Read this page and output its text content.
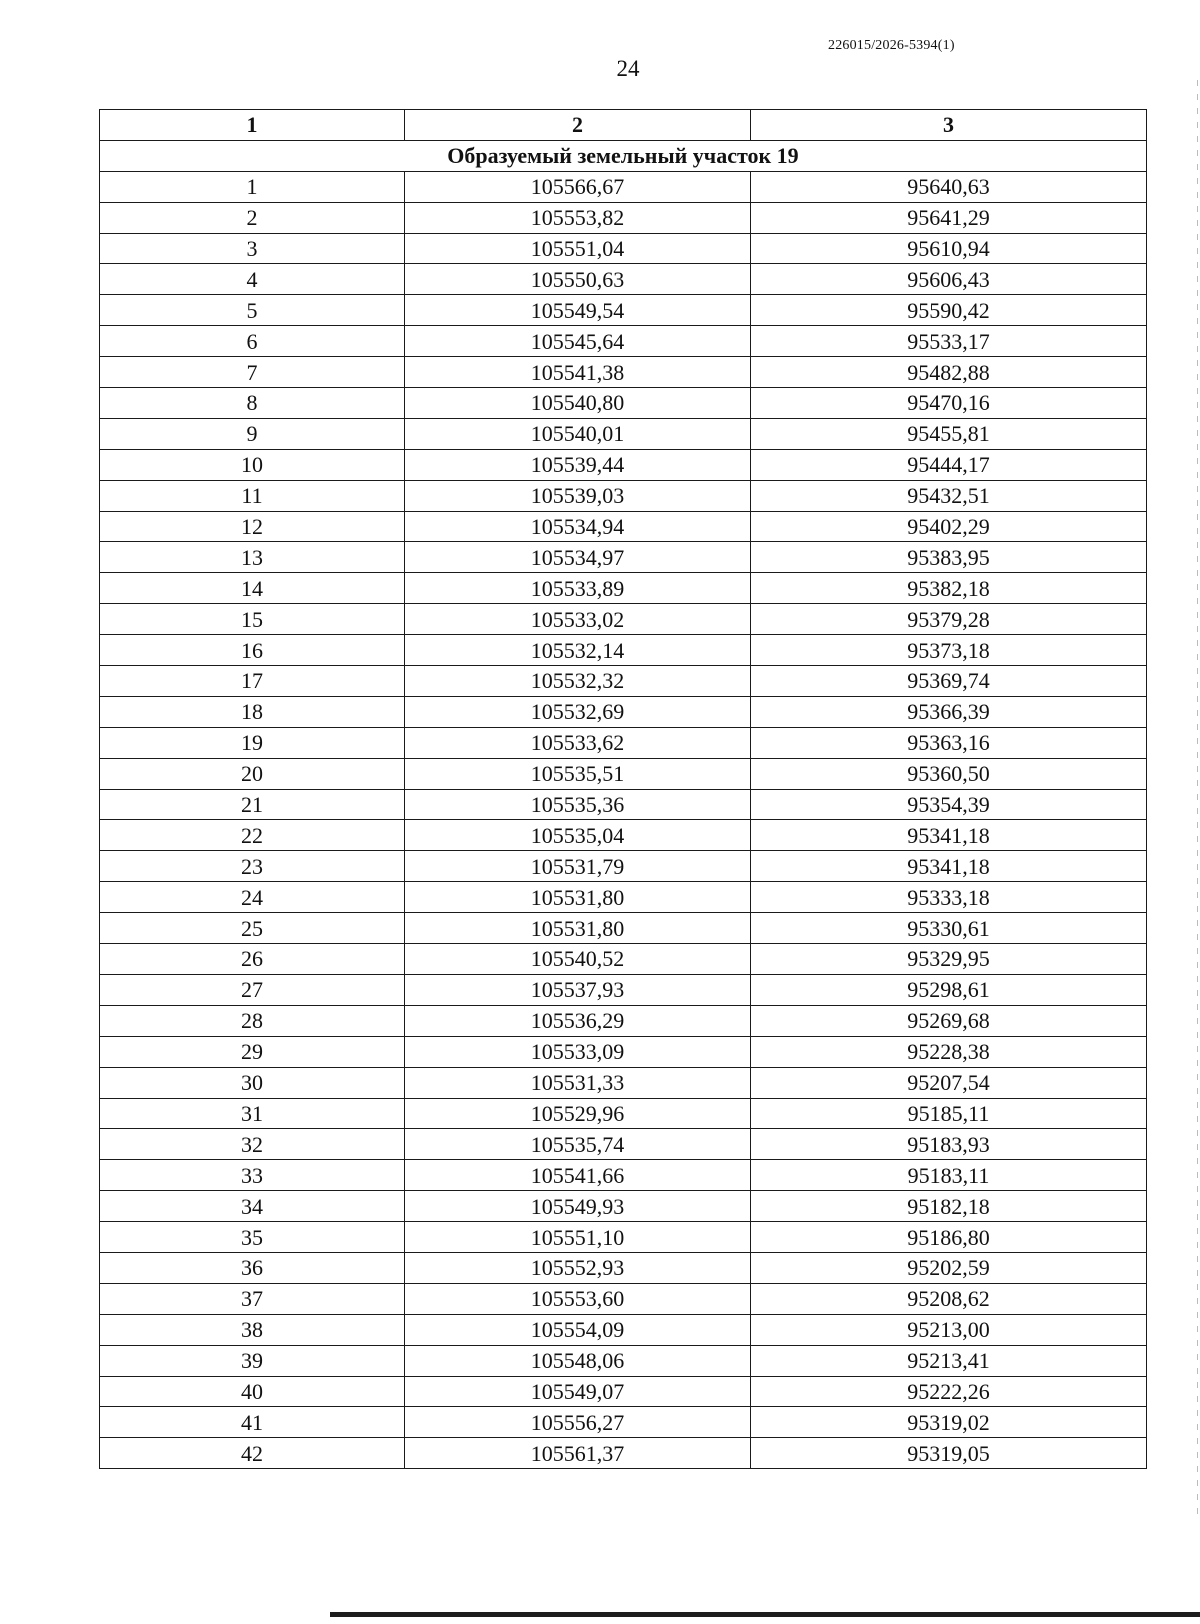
226015/2026-5394(1)
24
1	2	3
Образуемый земельный участок 19		
1	105566,67	95640,63
2	105553,82	95641,29
3	105551,04	95610,94
4	105550,63	95606,43
5	105549,54	95590,42
6	105545,64	95533,17
7	105541,38	95482,88
8	105540,80	95470,16
9	105540,01	95455,81
10	105539,44	95444,17
11	105539,03	95432,51
12	105534,94	95402,29
13	105534,97	95383,95
14	105533,89	95382,18
15	105533,02	95379,28
16	105532,14	95373,18
17	105532,32	95369,74
18	105532,69	95366,39
19	105533,62	95363,16
20	105535,51	95360,50
21	105535,36	95354,39
22	105535,04	95341,18
23	105531,79	95341,18
24	105531,80	95333,18
25	105531,80	95330,61
26	105540,52	95329,95
27	105537,93	95298,61
28	105536,29	95269,68
29	105533,09	95228,38
30	105531,33	95207,54
31	105529,96	95185,11
32	105535,74	95183,93
33	105541,66	95183,11
34	105549,93	95182,18
35	105551,10	95186,80
36	105552,93	95202,59
37	105553,60	95208,62
38	105554,09	95213,00
39	105548,06	95213,41
40	105549,07	95222,26
41	105556,27	95319,02
42	105561,37	95319,05
